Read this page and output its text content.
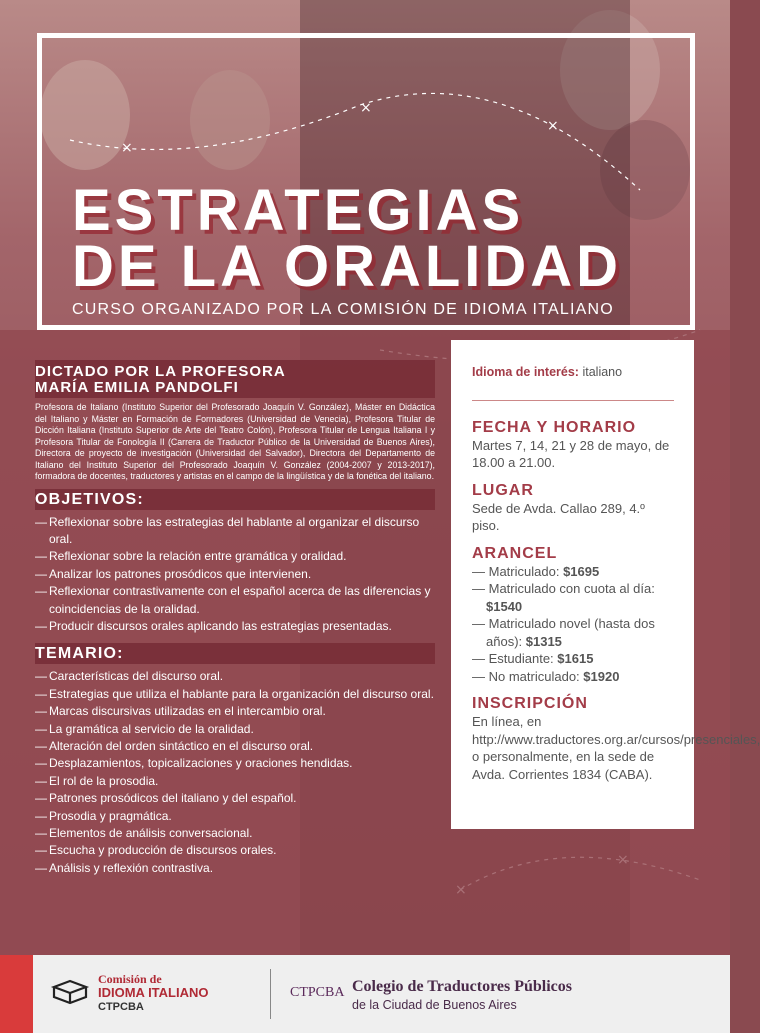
×
×
×
ESTRATEGIAS
DE LA ORALIDAD
CURSO ORGANIZADO POR LA COMISIÓN DE IDIOMA ITALIANO
DICTADO POR LA PROFESORA
MARÍA EMILIA PANDOLFI

Profesora de Italiano (Instituto Superior del Profesorado Joaquín V. González), Máster en Didáctica del Italiano y Máster en Formación de Formadores (Universidad de Venecia), Profesora Titular de Dicción Italiana (Instituto Superior de Arte del Teatro Colón), Profesora Titular de Lengua Italiana I y Profesora Titular de Fonología II (Carrera de Traductor Público de la Universidad de Buenos Aires), Directora de proyecto de investigación (Universidad del Salvador), Directora del Departamento de Italiano del Instituto Superior del Profesorado Joaquín V. González (2004-2007 y 2013-2017), formadora de docentes, traductores y artistas en el campo de la lingüística y de la fonética del italiano.

OBJETIVOS:
— Reflexionar sobre las estrategias del hablante al organizar el discurso oral.
— Reflexionar sobre la relación entre gramática y oralidad.
— Analizar los patrones prosódicos que intervienen.
— Reflexionar contrastivamente con el español acerca de las diferencias y coincidencias de la oralidad.
— Producir discursos orales aplicando las estrategias presentadas.
TEMARIO:
— Características del discurso oral.
— Estrategias que utiliza el hablante para la organización del discurso oral.
— Marcas discursivas utilizadas en el intercambio oral.
— La gramática al servicio de la oralidad.
— Alteración del orden sintáctico en el discurso oral.
— Desplazamientos, topicalizaciones y oraciones hendidas.
— El rol de la prosodia.
— Patrones prosódicos del italiano y del español.
— Prosodia y pragmática.
— Elementos de análisis conversacional.
— Escucha y producción de discursos orales.
— Análisis y reflexión contrastiva.

Idioma de interés: italiano

FECHA Y HORARIO

Martes 7, 14, 21 y 28 de mayo, de 18.00 a 21.00.

LUGAR

Sede de Avda. Callao 289, 4.º piso.

ARANCEL

— Matriculado: $1695

— Matriculado con cuota al día: $1540

— Matriculado novel (hasta dos años): $1315

— Estudiante: $1615

— No matriculado: $1920

INSCRIPCIÓN

En línea, en http://www.traductores.org.ar/cursos/presenciales, o personalmente, en la sede de Avda. Corrientes 1834 (CABA).

Comisión de
IDIOMA ITALIANO
CTPCBA
CTPCBA Colegio de Traductores Públicos
de la Ciudad de Buenos Aires
